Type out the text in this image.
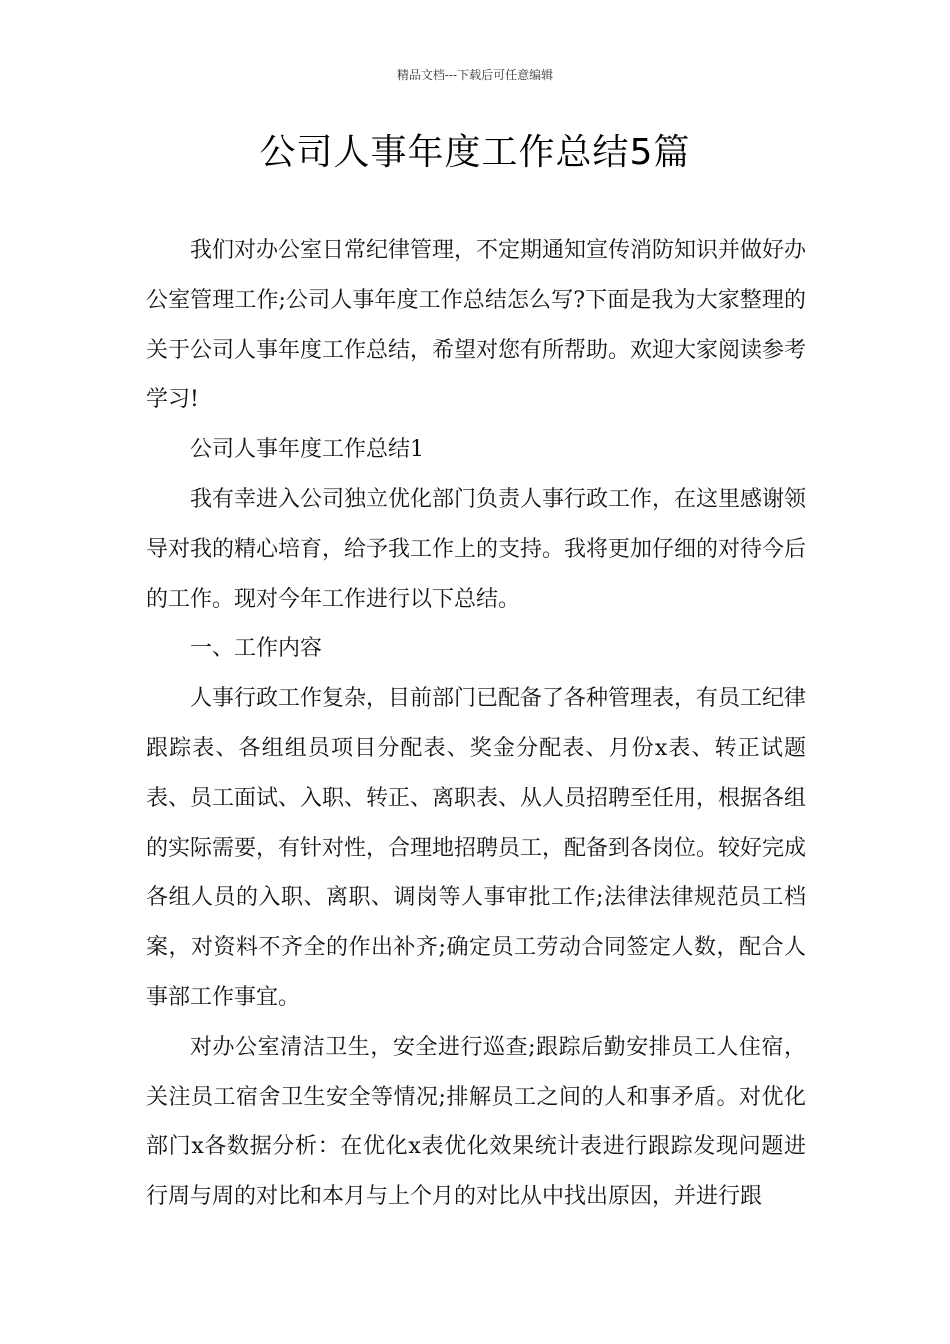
精品文档---下载后可任意编辑
公司人事年度工作总结5篇

我们对办公室日常纪律管理，不定期通知宣传消防知识并做好办公室管理工作;公司人事年度工作总结怎么写?下面是我为大家整理的关于公司人事年度工作总结，希望对您有所帮助。欢迎大家阅读参考学习!

公司人事年度工作总结1

我有幸进入公司独立优化部门负责人事行政工作，在这里感谢领导对我的精心培育，给予我工作上的支持。我将更加仔细的对待今后的工作。现对今年工作进行以下总结。

一、工作内容

人事行政工作复杂，目前部门已配备了各种管理表，有员工纪律跟踪表、各组组员项目分配表、奖金分配表、月份x表、转正试题表、员工面试、入职、转正、离职表、从人员招聘至任用，根据各组的实际需要，有针对性，合理地招聘员工，配备到各岗位。较好完成各组人员的入职、离职、调岗等人事审批工作;法律法律规范员工档案，对资料不齐全的作出补齐;确定员工劳动合同签定人数，配合人事部工作事宜。

对办公室清洁卫生，安全进行巡查;跟踪后勤安排员工人住宿，关注员工宿舍卫生安全等情况;排解员工之间的人和事矛盾。对优化部门x各数据分析：在优化x表优化效果统计表进行跟踪发现问题进行周与周的对比和本月与上个月的对比从中找出原因，并进行跟
